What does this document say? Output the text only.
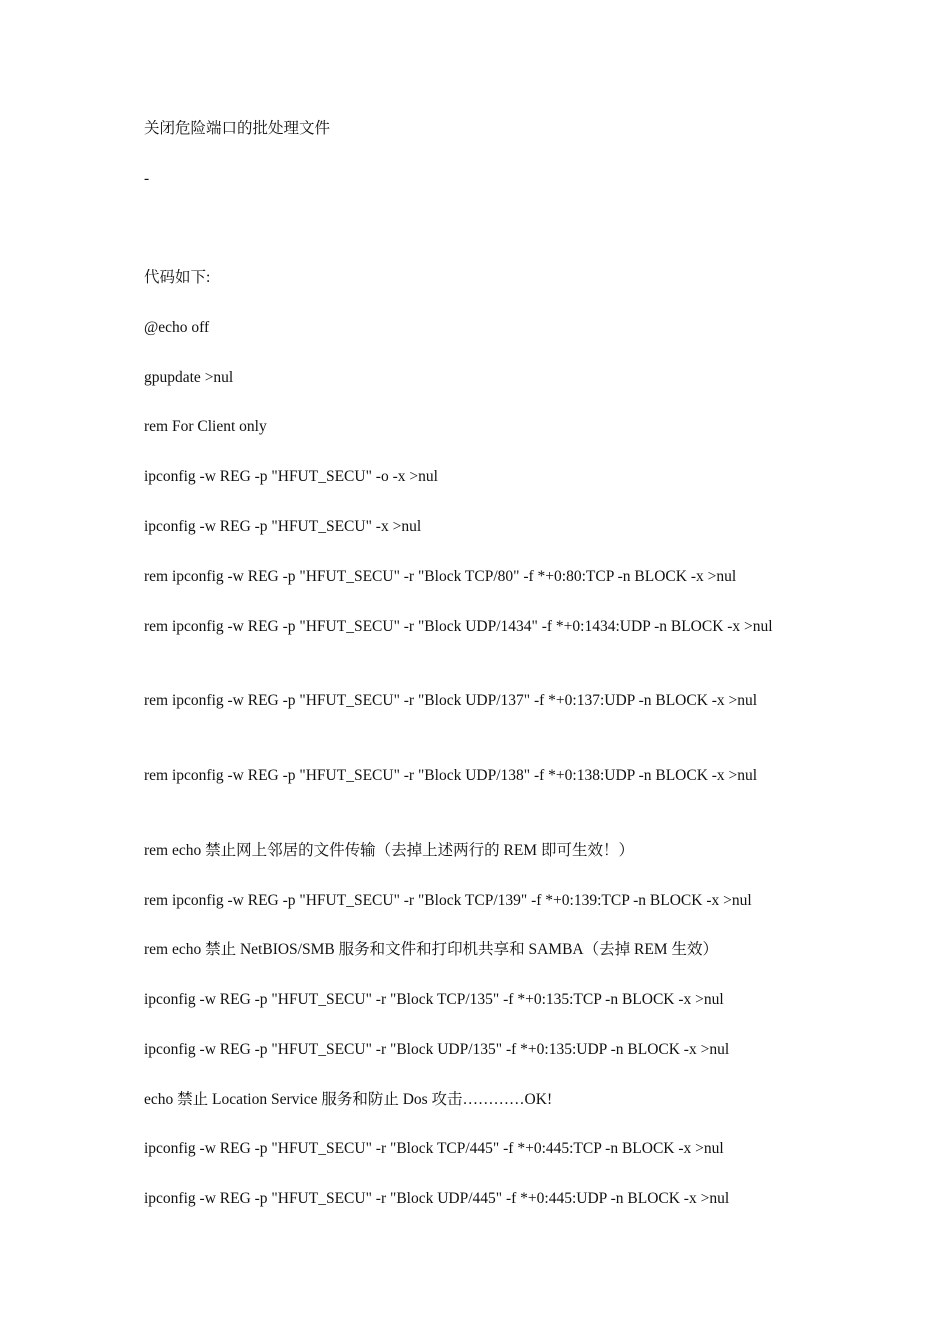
关闭危险端口的批处理文件
-
代码如下:
@echo off
gpupdate >nul
rem For Client only
ipconfig -w REG -p "HFUT_SECU" -o -x >nul
ipconfig -w REG -p "HFUT_SECU" -x >nul
rem ipconfig -w REG -p "HFUT_SECU" -r "Block TCP/80" -f *+0:80:TCP -n BLOCK -x >nul
rem ipconfig -w REG -p "HFUT_SECU" -r "Block UDP/1434" -f *+0:1434:UDP -n BLOCK -x >nul
rem ipconfig -w REG -p "HFUT_SECU" -r "Block UDP/137" -f *+0:137:UDP -n BLOCK -x >nul
rem ipconfig -w REG -p "HFUT_SECU" -r "Block UDP/138" -f *+0:138:UDP -n BLOCK -x >nul
rem echo 禁止网上邻居的文件传输（去掉上述两行的 REM 即可生效！）
rem ipconfig -w REG -p "HFUT_SECU" -r "Block TCP/139" -f *+0:139:TCP -n BLOCK -x >nul
rem echo 禁止 NetBIOS/SMB 服务和文件和打印机共享和 SAMBA（去掉 REM 生效）
ipconfig -w REG -p "HFUT_SECU" -r "Block TCP/135" -f *+0:135:TCP -n BLOCK -x >nul
ipconfig -w REG -p "HFUT_SECU" -r "Block UDP/135" -f *+0:135:UDP -n BLOCK -x >nul
echo 禁止 Location Service 服务和防止 Dos 攻击…………OK!
ipconfig -w REG -p "HFUT_SECU" -r "Block TCP/445" -f *+0:445:TCP -n BLOCK -x >nul
ipconfig -w REG -p "HFUT_SECU" -r "Block UDP/445" -f *+0:445:UDP -n BLOCK -x >nul
